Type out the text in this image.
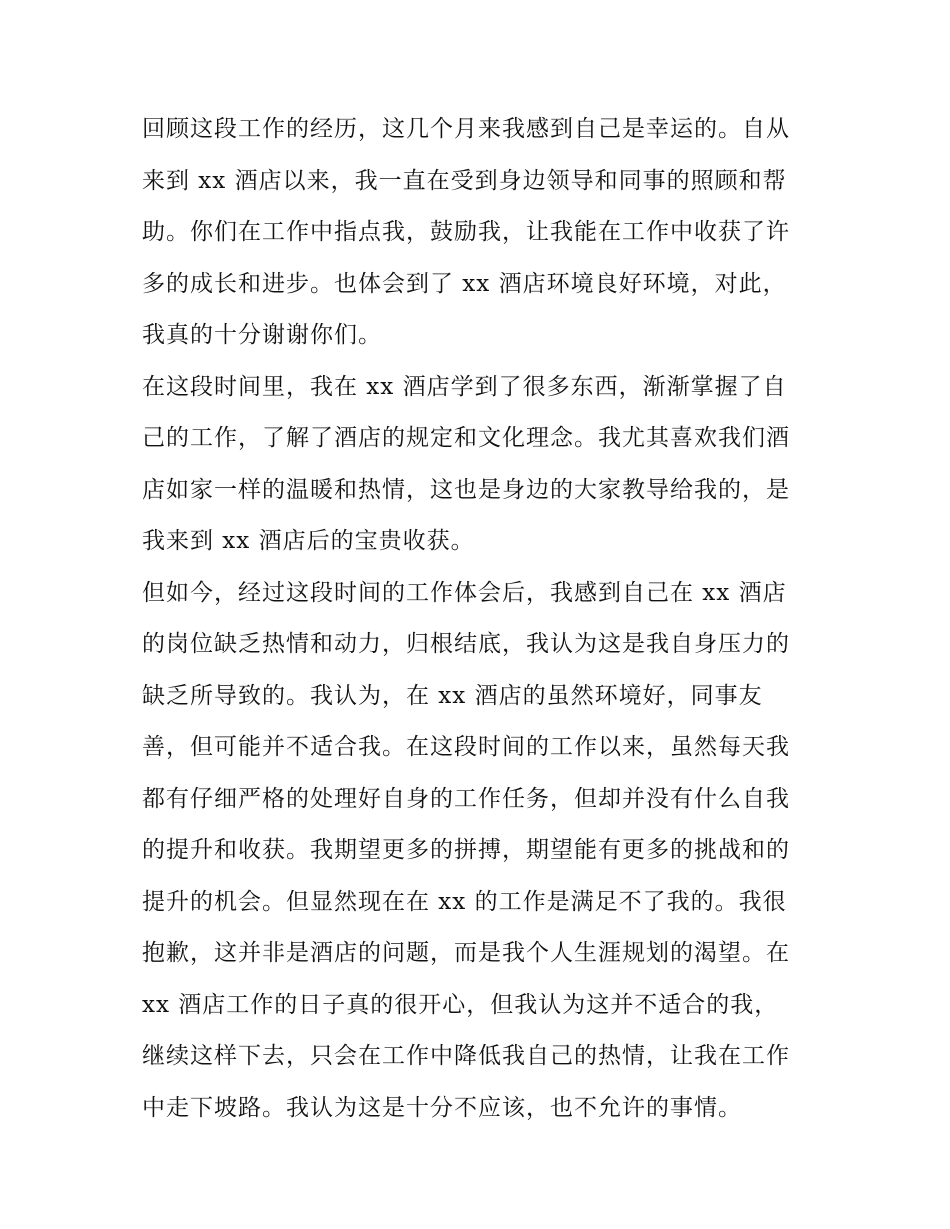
回顾这段工作的经历，这几个月来我感到自己是幸运的。自从
来到 xx 酒店以来，我一直在受到身边领导和同事的照顾和帮
助。你们在工作中指点我，鼓励我，让我能在工作中收获了许
多的成长和进步。也体会到了 xx 酒店环境良好环境，对此，
我真的十分谢谢你们。
在这段时间里，我在 xx 酒店学到了很多东西，渐渐掌握了自
己的工作，了解了酒店的规定和文化理念。我尤其喜欢我们酒
店如家一样的温暖和热情，这也是身边的大家教导给我的，是
我来到 xx 酒店后的宝贵收获。
但如今，经过这段时间的工作体会后，我感到自己在 xx 酒店
的岗位缺乏热情和动力，归根结底，我认为这是我自身压力的
缺乏所导致的。我认为，在 xx 酒店的虽然环境好，同事友
善，但可能并不适合我。在这段时间的工作以来，虽然每天我
都有仔细严格的处理好自身的工作任务，但却并没有什么自我
的提升和收获。我期望更多的拼搏，期望能有更多的挑战和的
提升的机会。但显然现在在 xx 的工作是满足不了我的。我很
抱歉，这并非是酒店的问题，而是我个人生涯规划的渴望。在
xx 酒店工作的日子真的很开心，但我认为这并不适合的我，
继续这样下去，只会在工作中降低我自己的热情，让我在工作
中走下坡路。我认为这是十分不应该，也不允许的事情。
